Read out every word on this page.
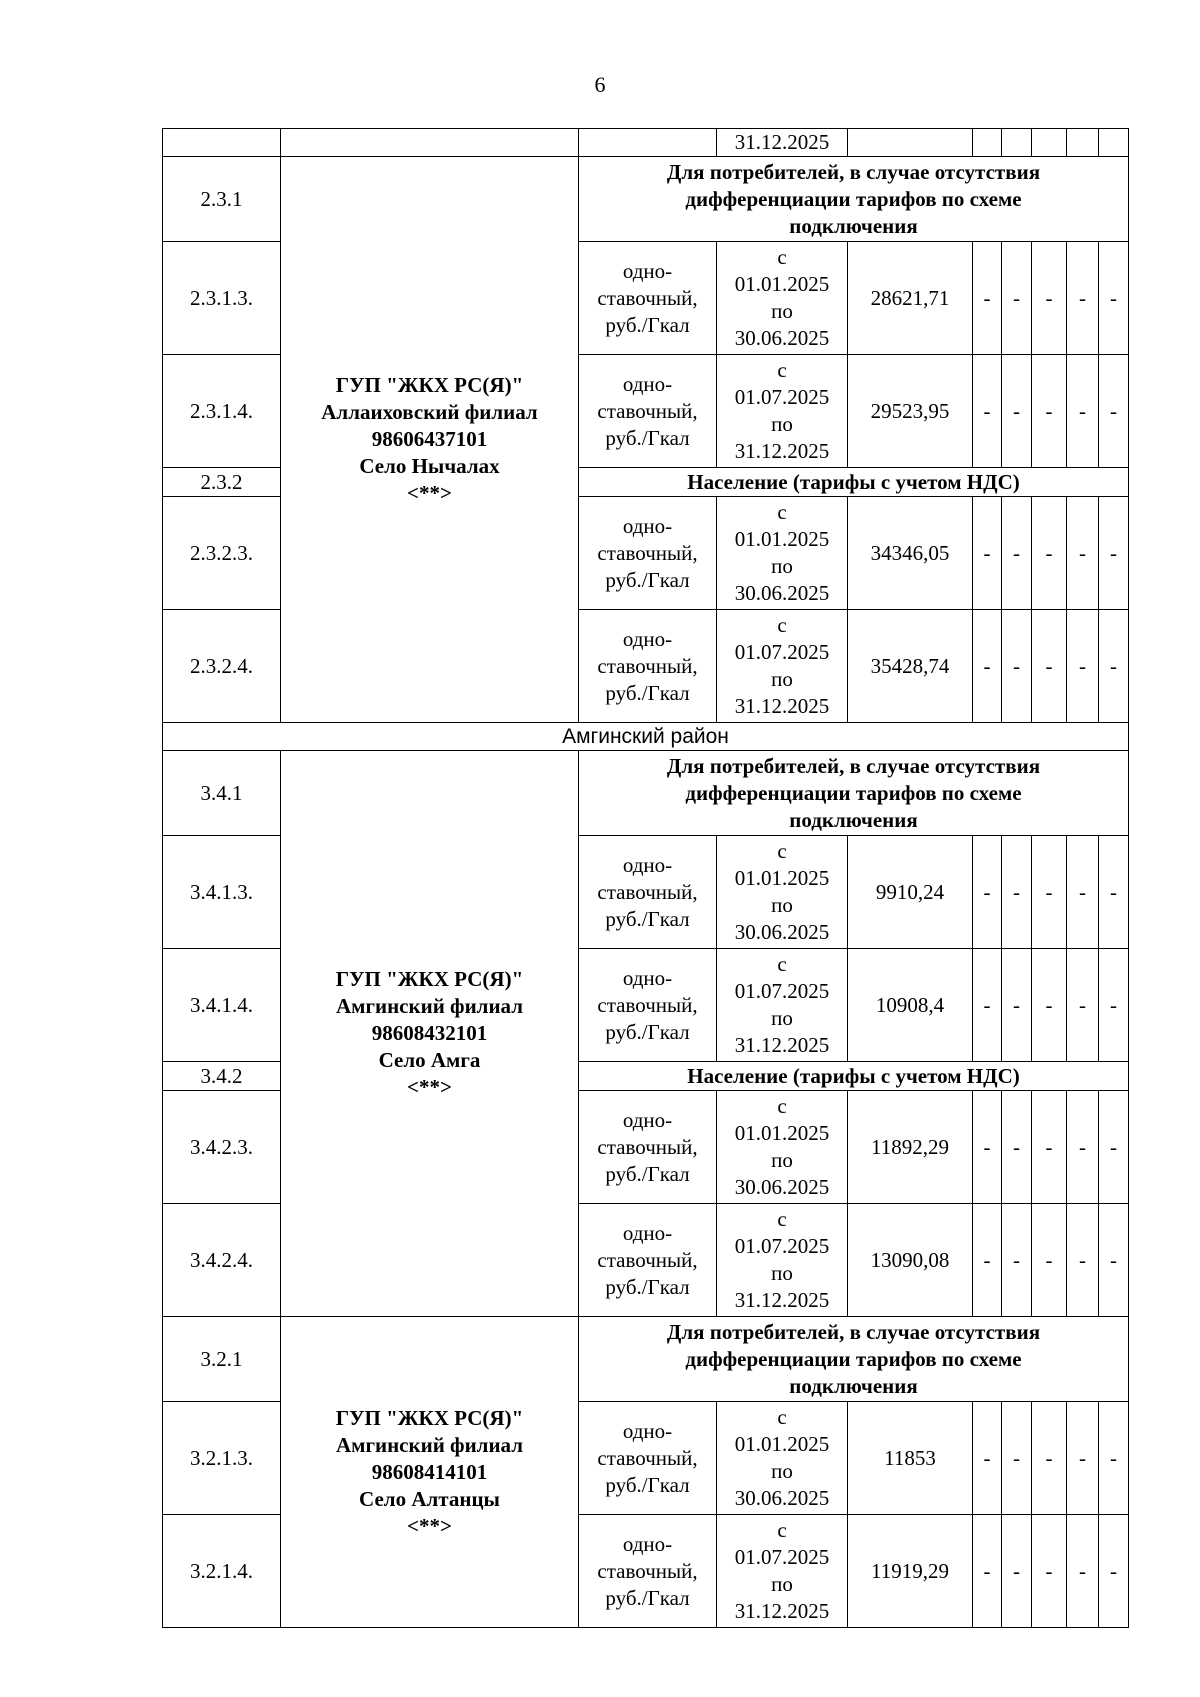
6
			31.12.2025						
2.3.1	ГУП "ЖКХ РС(Я)"
Аллаиховский филиал
98606437101
Село Нычалах
<**>	Для потребителей, в случае отсутствия дифференциации тарифов по схеме подключения							
2.3.1.3.		одно-
ставочный,
руб./Гкал	с
01.01.2025
по
30.06.2025	28621,71	-	-	-	-	-
2.3.1.4.		одно-
ставочный,
руб./Гкал	с
01.07.2025
по
31.12.2025	29523,95	-	-	-	-	-
2.3.2		Население (тарифы с учетом НДС)							
2.3.2.3.		одно-
ставочный,
руб./Гкал	с
01.01.2025
по
30.06.2025	34346,05	-	-	-	-	-
2.3.2.4.		одно-
ставочный,
руб./Гкал	с
01.07.2025
по
31.12.2025	35428,74	-	-	-	-	-
Амгинский район									
3.4.1	ГУП "ЖКХ РС(Я)"
Амгинский филиал
98608432101
Село Амга
<**>	Для потребителей, в случае отсутствия дифференциации тарифов по схеме подключения							
3.4.1.3.		одно-
ставочный,
руб./Гкал	с
01.01.2025
по
30.06.2025	9910,24	-	-	-	-	-
3.4.1.4.		одно-
ставочный,
руб./Гкал	с
01.07.2025
по
31.12.2025	10908,4	-	-	-	-	-
3.4.2		Население (тарифы с учетом НДС)							
3.4.2.3.		одно-
ставочный,
руб./Гкал	с
01.01.2025
по
30.06.2025	11892,29	-	-	-	-	-
3.4.2.4.		одно-
ставочный,
руб./Гкал	с
01.07.2025
по
31.12.2025	13090,08	-	-	-	-	-
3.2.1	ГУП "ЖКХ РС(Я)"
Амгинский филиал
98608414101
Село Алтанцы
<**>	Для потребителей, в случае отсутствия дифференциации тарифов по схеме подключения							
3.2.1.3.		одно-
ставочный,
руб./Гкал	с
01.01.2025
по
30.06.2025	11853	-	-	-	-	-
3.2.1.4.		одно-
ставочный,
руб./Гкал	с
01.07.2025
по
31.12.2025	11919,29	-	-	-	-	-
